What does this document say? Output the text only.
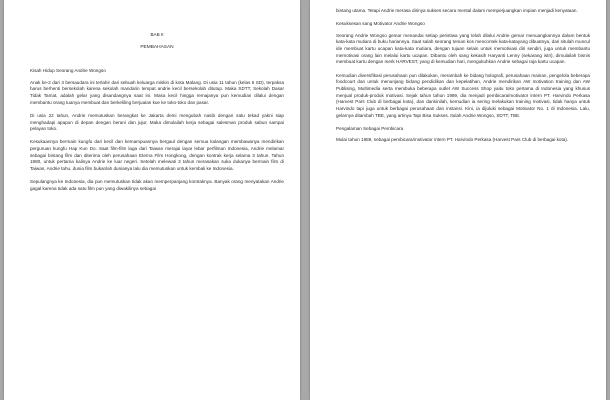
BAB II

PEMBAHASAN

Kisah Hidup Seorang Andrie Wongso

Anak ke-2 dari 3 bersaudara ini terlahir dari sebuah keluarga miskin di kota Malang. Di usia 11 tahun (kelas 6 SD), terpaksa harus berhenti bersekolah karena sekolah mandarin tempat andrie kecil bersekolah ditutup. Maka SDTT, Sekolah Dasar Tidak Tamat, adalah gelar yang disandangnya saat ini. Masa kecil hingga remajanya pun kemudian dilalui dengan membantu orang tuanya membuat dan berkeliling berjualan kue ke toko-toko dan pasar.

Di usia 22 tahun, Andrie memutuskan berangkat ke Jakarta demi mengubah nasib dengan satu tekad yakni siap menghadapi apapun di depan dengan berani dan jujur. Maka dimulailah kerja sebagai salesman produk sabun sampai pelayan toko.

Kesukaannya bermain kungfu dari kecil dan kemampuannya bergaul dengan semua kalangan membawanya mendirikan perguruan kungfu Hap Kun Do. Saat film-film laga dari Taiwan merajai layar lebar perfilman Indonesia, Andrie melamar sebagai bintang film dan diterima oleh perusahaan Eterna Film Hongkong, dengan kontrak kerja selama 3 tahun. Tahun 1980, untuk pertama kalinya Andrie ke luar negeri. Setelah melewati 3 tahun merasakan suka dukanya bermain film di Taiwan, Andrie tahu, dunia film bukanlah dunianya lalu dia memutuskan untuk kembali ke Indonesia.

Sepulangnya ke Indonesia, dia pun memutuskan tidak akan memperpanjang kontraknya. Banyak orang menyatakan Andrie gagal karena tidak ada satu film pun yang diwakilinya sebagai

bintang utama. Tetapi Andrie merasa dirinya sukses secara mental dalam memperjuangkan impian menjadi kenyataan.

Kesuksesan sang Motivator Andrie Wongso

Seorang Andrie Wongso gemar menandai setiap peristiwa yang telah dilalui Andrie gemar menuangkannya dalam bentuk kata-kata mutiara di buku hariannya. Saat salah seorang teman kos mencontek kata-katayang dibuatnya, dari situlah muncul ide membuat kartu ucapan kata-kata mutiara, dengan tujuan selain untuk memotivasi diri sendiri, juga untuk membantu memotivasi orang lain melalui kartu ucapan. Dibantu oleh sang kekasih Haryanti Lenny (sekarang istri), dimulailah bisnis membuat kartu dengan merk HARVEST, yang di kemudian hari, mengukuhkan Andrie sebagai raja kartu ucapan.

Kemudian diversifikasi perusahaan pun dilakukan, merambah ke bidang holografi, perusahaan mainan, pengelola beberapa foodcourt dan untuk menunjang bidang pendidikan dan kepelatihan, Andrie mendirikan AW motivation training dan AW Publising, Multimedia serta membuka beberapa outlet AW Success Shop yaitu toko pertama di Indonesia yang khusus menjual produk-produk motivasi. Sejak tahun tahun 1989, dia menjadi pembicara/motivator intern PT. Harvindo Perkasa (Harvest Pars Club di berbagai kota), dan darisinilah, kemudian ia sering melakukan training motivasi, tidak hanya untuk Harvindo tapi juga untuk berbagai perusahaan dan instansi. Kini, ia dijuluki sebagai Motivator No. 1 di Indonesia. Lalu, gelarnya ditambah TBE, yang artinya Tapi Bisa Sukses. Itulah Andrie Wongso, SDTT, TBE.

Pengalaman Sebagai Pembicara

Mulai tahun 1989, sebagai pembicara/motivator intern PT. Harvindo Perkasa (Harvest Pars Club di berbagai kota).
